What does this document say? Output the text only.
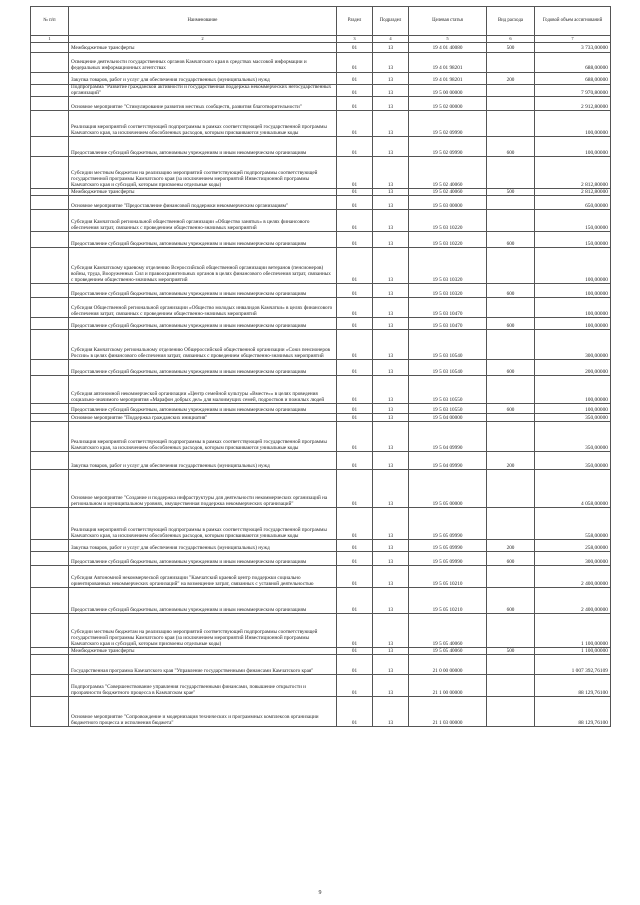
№ п/п	Наименование	Раздел	Подраздел	Целевая статья	Вид расхода	Годовой объем ассигнований
1	2	3	4	5	6	7
	Межбюджетные трансферты	01	13	19 4 01 40080	500	3 733,00000
	Освещение деятельности государственных органов Камчатского края в средствах массовой информации и федеральных информационных агентствах	01	13	19 4 01 98201		688,00000
	Закупка товаров, работ и услуг для обеспечения государственных (муниципальных) нужд	01	13	19 4 01 98201	200	688,00000
	Подпрограмма "Развитие гражданской активности и государственная поддержка некоммерческих негосударственных организаций"	01	13	19 5 00 00000		7 970,80000
	Основное мероприятие "Стимулирование развития местных сообществ, развития благотворительности"	01	13	19 5 02 00000		2 912,80000
	Реализация мероприятий соответствующей подпрограммы в рамках соответствующей государственной программы Камчатского края, за исключением обособленных расходов, которым присваиваются уникальные коды	01	13	19 5 02 09990		100,00000
	Предоставление субсидий бюджетным, автономным учреждениям и иным некоммерческим организациям	01	13	19 5 02 09990	600	100,00000
	Субсидии местным бюджетам на реализацию мероприятий соответствующей подпрограммы соответствующей государственной программы Камчатского края (за исключением мероприятий Инвестиционной программы Камчатского края и субсидий, которым присвоены отдельные коды)	01	13	19 5 02 40060		2 812,80000
	Межбюджетные трансферты	01	13	19 5 02 40060	500	2 812,80000
	Основное мероприятие "Предоставление финансовой поддержки некоммерческим организациям"	01	13	19 5 03 00000		650,00000
	Субсидия Камчатской региональной общественной организации «Общество занятых» в целях финансового обеспечения затрат, связанных с проведением общественно-значимых мероприятий	01	13	19 5 03 10220		150,00000
	Предоставление субсидий бюджетным, автономным учреждениям и иным некоммерческим организациям	01	13	19 5 03 10220	600	150,00000
	Субсидия Камчатскому краевому отделению Всероссийской общественной организации ветеранов (пенсионеров) войны, труда, Вооруженных Сил и правоохранительных органов в целях финансового обеспечения затрат, связанных с проведением общественно-значимых мероприятий	01	13	19 5 03 10320		100,00000
	Предоставление субсидий бюджетным, автономным учреждениям и иным некоммерческим организациям	01	13	19 5 03 10320	600	100,00000
	Субсидия Общественной региональной организации «Общество молодых инвалидов Камчатки» в целях финансового обеспечения затрат, связанных с проведением общественно-значимых мероприятий	01	13	19 5 03 10470		100,00000
	Предоставление субсидий бюджетным, автономным учреждениям и иным некоммерческим организациям	01	13	19 5 03 10470	600	100,00000
	Субсидия Камчатскому региональному отделению Общероссийской общественной организации «Союз пенсионеров России» в целях финансового обеспечения затрат, связанных с проведением общественно-значимых мероприятий	01	13	19 5 03 10540		300,00000
	Предоставление субсидий бюджетным, автономным учреждениям и иным некоммерческим организациям	01	13	19 5 03 10540	600	200,00000
	Субсидия автономной некоммерческой организации «Центр семейной культуры «Вместе»» в целях проведения социально-значимого мероприятия «Марафон добрых дел» для малоимущих семей, подростков и пожилых людей	01	13	19 5 03 10550		100,00000
	Предоставление субсидий бюджетным, автономным учреждениям и иным некоммерческим организациям	01	13	19 5 03 10550	600	100,00000
	Основное мероприятие "Поддержка гражданских инициатив"	01	13	19 5 04 00000		350,00000
	Реализация мероприятий соответствующей подпрограммы в рамках соответствующей государственной программы Камчатского края, за исключением обособленных расходов, которым присваиваются уникальные коды	01	13	19 5 04 09990		350,00000
	Закупка товаров, работ и услуг для обеспечения государственных (муниципальных) нужд	01	13	19 5 04 09990	200	350,00000
	Основное мероприятие "Создание и поддержка инфраструктуры для деятельности некоммерческих организаций на региональном и муниципальном уровнях, имущественная поддержка некоммерческих организаций"	01	13	19 5 05 00000		4 058,00000
	Реализация мероприятий соответствующей подпрограммы в рамках соответствующей государственной программы Камчатского края, за исключением обособленных расходов, которым присваиваются уникальные коды	01	13	19 5 05 09990		558,00000
	Закупка товаров, работ и услуг для обеспечения государственных (муниципальных) нужд	01	13	19 5 05 09990	200	258,00000
	Предоставление субсидий бюджетным, автономным учреждениям и иным некоммерческим организациям	01	13	19 5 05 09990	600	300,00000
	Субсидия Автономной некоммерческой организации "Камчатский краевой центр поддержки социально ориентированных некоммерческих организаций" на возмещение затрат, связанных с уставной деятельностью	01	13	19 5 05 10210		2 400,00000
	Предоставление субсидий бюджетным, автономным учреждениям и иным некоммерческим организациям	01	13	19 5 05 10210	600	2 400,00000
	Субсидии местным бюджетам на реализацию мероприятий соответствующей подпрограммы соответствующей государственной программы Камчатского края (за исключением мероприятий Инвестиционной программы Камчатского края и субсидий, которым присвоены отдельные коды)	01	13	19 5 05 40060		1 100,00000
	Межбюджетные трансферты	01	13	19 5 05 40060	500	1 100,00000
	Государственная программа Камчатского края "Управление государственными финансами Камчатского края"	01	13	21 0 00 00000		1 007 392,76109
	Подпрограмма "Совершенствование управления государственными финансами, повышение открытости и прозрачности бюджетного процесса в Камчатском крае"	01	13	21 1 00 00000		88 129,76100
	Основное мероприятие "Сопровождение и модернизация технических и программных комплексов организации бюджетного процесса и исполнения бюджета"	01	13	21 1 03 00000		88 129,76100
9
